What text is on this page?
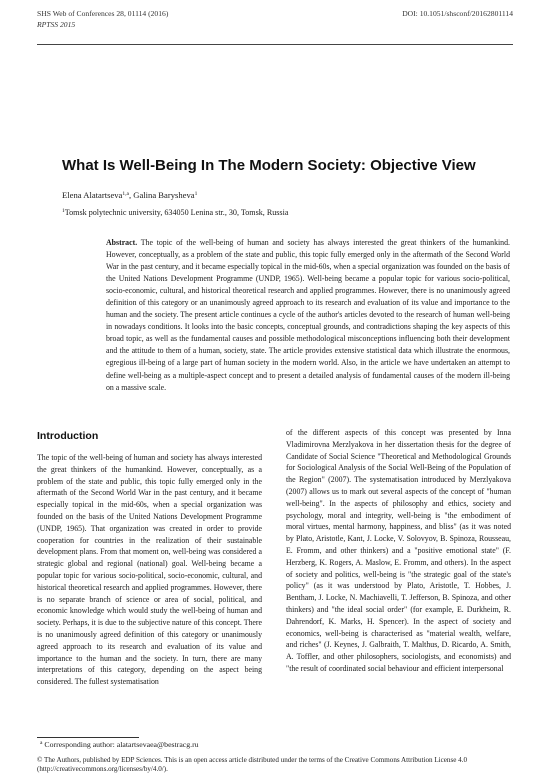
SHS Web of Conferences 28, 01114 (2016)	DOI: 10.1051/shsconf/20162801114
RPTSS 2015
What Is Well-Being In The Modern Society: Objective View
Elena Alatartseva$^{1,a}$, Galina Barysheva$^1$
$^1$Tomsk polytechnic university, 634050 Lenina str., 30, Tomsk, Russia
Abstract. The topic of the well-being of human and society has always interested the great thinkers of the humankind. However, conceptually, as a problem of the state and public, this topic fully emerged only in the aftermath of the Second World War in the past century, and it became especially topical in the mid-60s, when a special organization was founded on the basis of the United Nations Development Programme (UNDP, 1965). Well-being became a popular topic for various socio-political, socio-economic, cultural, and historical theoretical research and applied programmes. However, there is no unanimously agreed definition of this category or an unanimously agreed approach to its research and evaluation of its value and importance to the human and the society. The present article continues a cycle of the author's articles devoted to the research of human well-being in nowadays conditions. It looks into the basic concepts, conceptual grounds, and contradictions shaping the key aspects of this broad topic, as well as the fundamental causes and possible methodological misconceptions influencing both their development and the attitude to them of a human, society, state. The article provides extensive statistical data which illustrate the enormous, egregious ill-being of a large part of human society in the modern world. Also, in the article we have undertaken an attempt to define well-being as a multiple-aspect concept and to present a detailed analysis of fundamental causes of the modern ill-being on a massive scale.
Introduction
The topic of the well-being of human and society has always interested the great thinkers of the humankind. However, conceptually, as a problem of the state and public, this topic fully emerged only in the aftermath of the Second World War in the past century, and it became especially topical in the mid-60s, when a special organization was founded on the basis of the United Nations Development Programme (UNDP, 1965). That organization was created in order to provide cooperation for countries in the realization of their sustainable development plans. From that moment on, well-being was considered a strategic global and regional (national) goal. Well-being became a popular topic for various socio-political, socio-economic, cultural, and historical theoretical research and applied programmes. However, there is no separate branch of science or area of social, political, and economic knowledge which would study the well-being of human and society. Perhaps, it is due to the subjective nature of this concept. There is no unanimously agreed definition of this category or unanimously agreed approach to its research and evaluation of its value and importance to the human and the society. In turn, there are many interpretations of this category, depending on the aspect being considered. The fullest systematisation
of the different aspects of this concept was presented by Inna Vladimirovna Merzlyakova in her dissertation thesis for the degree of Candidate of Social Science "Theoretical and Methodological Grounds for Sociological Analysis of the Social Well-Being of the Population of the Region" (2007). The systematisation introduced by Merzlyakova (2007) allows us to mark out several aspects of the concept of "human well-being". In the aspects of philosophy and ethics, society and psychology, moral and integrity, well-being is "the embodiment of moral virtues, mental harmony, happiness, and bliss" (as it was noted by Plato, Aristotle, Kant, J. Locke, V. Solovyov, B. Spinoza, Rousseau, E. Fromm, and other thinkers) and a "positive emotional state" (F. Herzberg, K. Rogers, A. Maslow, E. Fromm, and others). In the aspect of society and politics, well-being is "the strategic goal of the state's policy" (as it was understood by Plato, Aristotle, T. Hobbes, J. Bentham, J. Locke, N. Machiavelli, T. Jefferson, B. Spinoza, and other thinkers) and "the ideal social order" (for example, E. Durkheim, R. Dahrendorf, K. Marks, H. Spencer). In the aspect of society and economics, well-being is characterised as "material wealth, welfare, and riches" (J. Keynes, J. Galbraith, T. Malthus, D. Ricardo, A. Smith, A. Toffler, and other philosophers, sociologists, and economists) and "the result of coordinated social behaviour and efficient interpersonal
$^a$ Corresponding author: alatartsevaea@bestracg.ru
© The Authors, published by EDP Sciences. This is an open access article distributed under the terms of the Creative Commons Attribution License 4.0 (http://creativecommons.org/licenses/by/4.0/).
